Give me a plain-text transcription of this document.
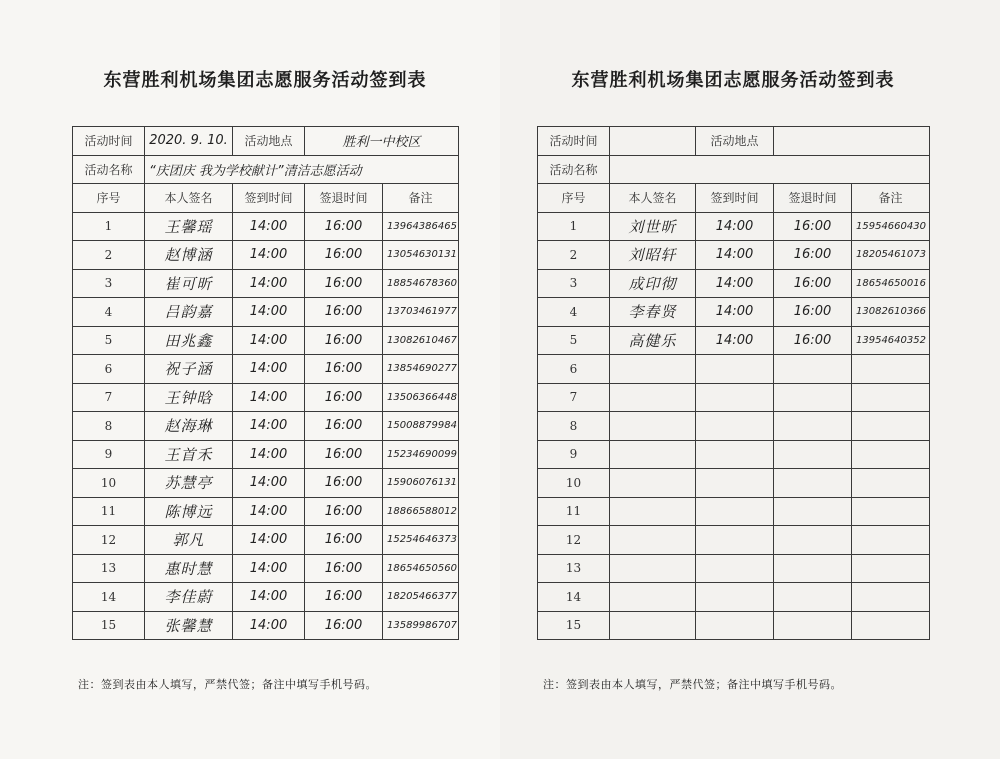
东营胜利机场集团志愿服务活动签到表
活动时间	2020. 9. 10.	活动地点	胜利一中校区	
活动名称	“庆团庆 我为学校献计”清洁志愿活动			
序号	本人签名	签到时间	签退时间	备注
1	王馨瑶	14:00	16:00	13964386465
2	赵博涵	14:00	16:00	13054630131
3	崔可昕	14:00	16:00	18854678360
4	吕韵嘉	14:00	16:00	13703461977
5	田兆鑫	14:00	16:00	13082610467
6	祝子涵	14:00	16:00	13854690277
7	王钟晗	14:00	16:00	13506366448
8	赵海琳	14:00	16:00	15008879984
9	王首禾	14:00	16:00	15234690099
10	苏慧亭	14:00	16:00	15906076131
11	陈博远	14:00	16:00	18866588012
12	郭凡	14:00	16:00	15254646373
13	惠时慧	14:00	16:00	18654650560
14	李佳蔚	14:00	16:00	18205466377
15	张馨慧	14:00	16:00	13589986707
注：签到表由本人填写，严禁代签；备注中填写手机号码。
东营胜利机场集团志愿服务活动签到表
活动时间		活动地点		
活动名称				
序号	本人签名	签到时间	签退时间	备注
1	刘世昕	14:00	16:00	15954660430
2	刘昭轩	14:00	16:00	18205461073
3	成印彻	14:00	16:00	18654650016
4	李春贤	14:00	16:00	13082610366
5	高健乐	14:00	16:00	13954640352
6				
7				
8				
9				
10				
11				
12				
13				
14				
15				
注：签到表由本人填写，严禁代签；备注中填写手机号码。
